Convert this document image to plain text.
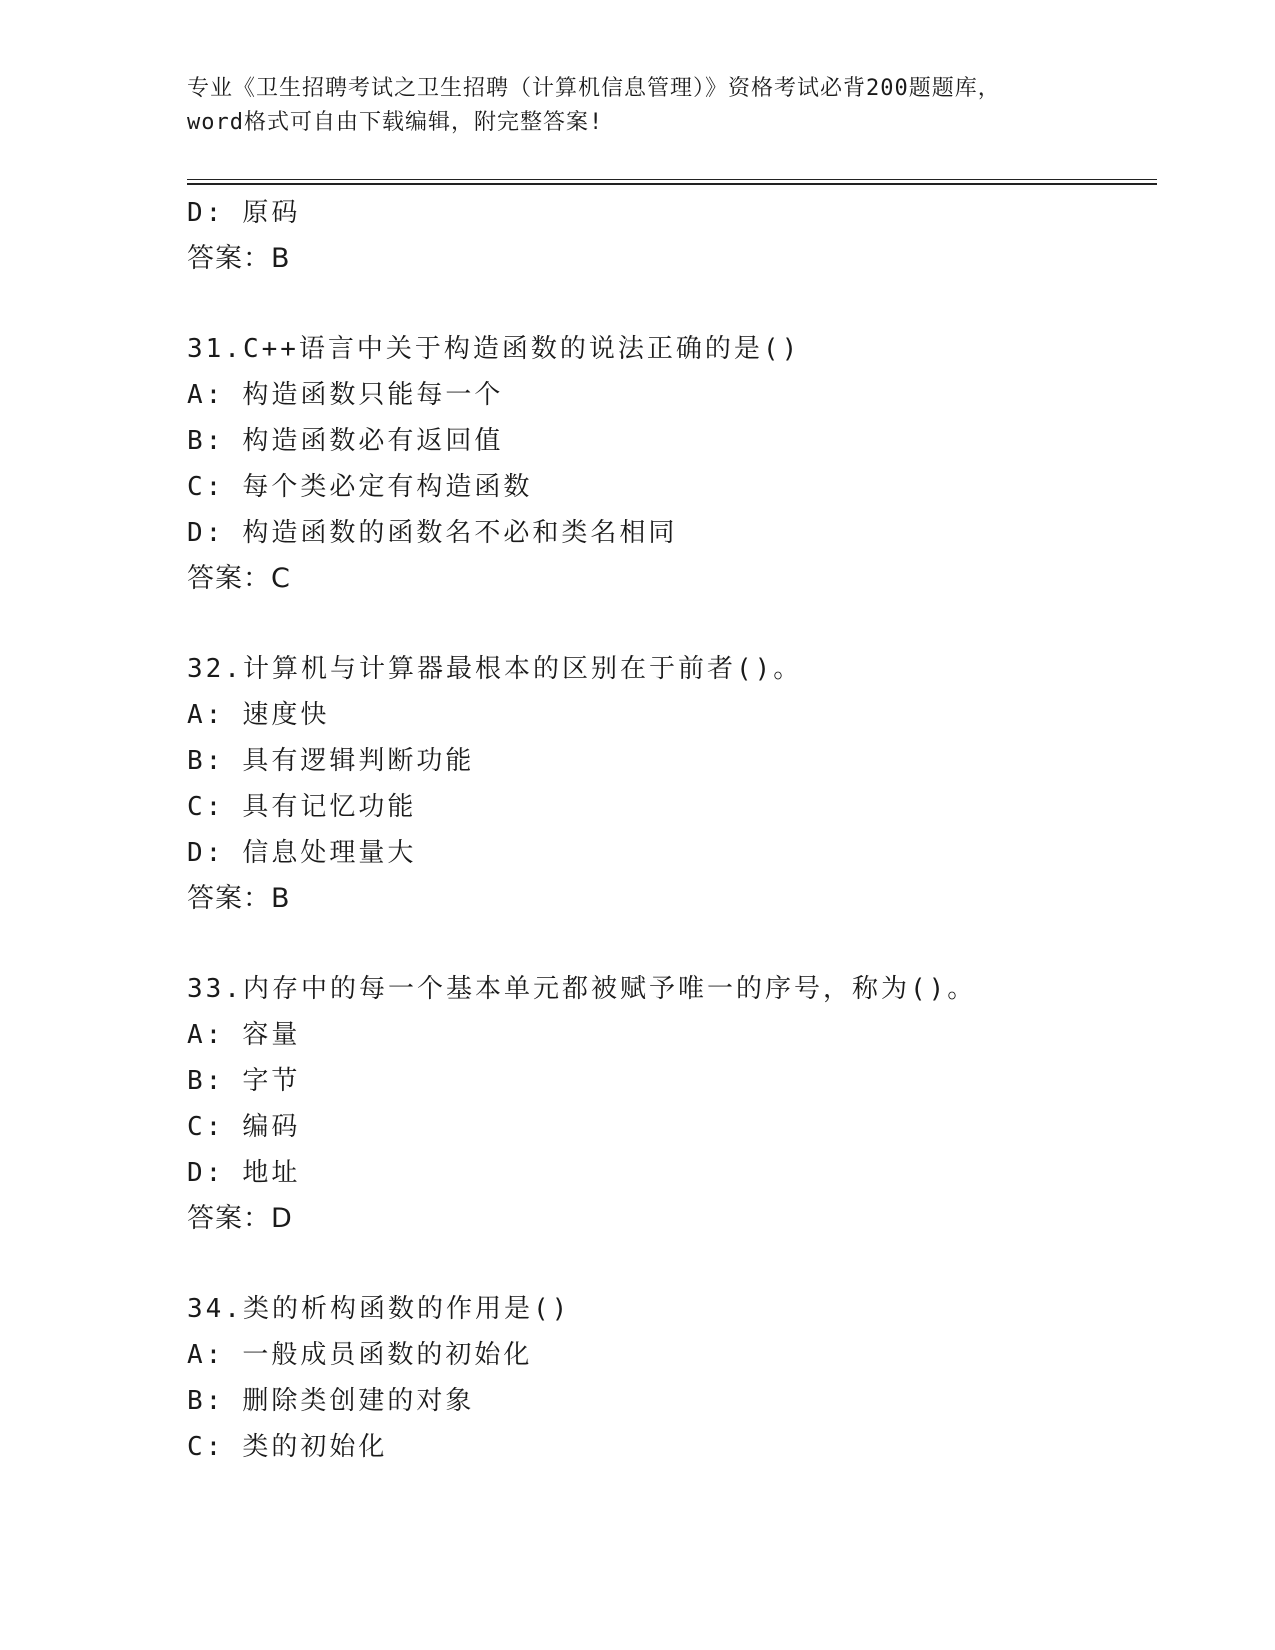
专业《卫生招聘考试之卫生招聘（计算机信息管理）》资格考试必背200题题库，
word格式可自由下载编辑，附完整答案!
D: 原码
答案：B
31.C++语言中关于构造函数的说法正确的是()
A: 构造函数只能每一个
B: 构造函数必有返回值
C: 每个类必定有构造函数
D: 构造函数的函数名不必和类名相同
答案：C
32.计算机与计算器最根本的区别在于前者()。
A: 速度快
B: 具有逻辑判断功能
C: 具有记忆功能
D: 信息处理量大
答案：B
33.内存中的每一个基本单元都被赋予唯一的序号，称为()。
A: 容量
B: 字节
C: 编码
D: 地址
答案：D
34.类的析构函数的作用是()
A: 一般成员函数的初始化
B: 删除类创建的对象
C: 类的初始化
